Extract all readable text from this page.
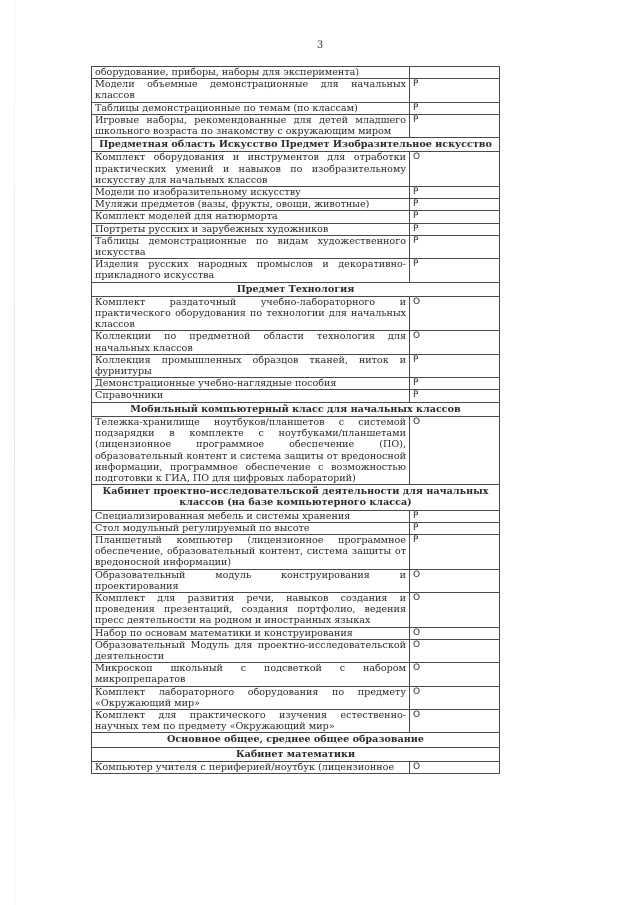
3
оборудование, приборы, наборы для эксперимента)	
Модели объемные демонстрационные для начальных классов	Р
Таблицы демонстрационные по темам (по классам)	Р
Игровые наборы, рекомендованные для детей младшего школьного возраста по знакомству с окружающим миром	Р
Предметная область Искусство Предмет Изобразительное искусство	
Комплект оборудования и инструментов для отработки практических умений и навыков по изобразительному искусству для начальных классов	О
Модели по изобразительному искусству	Р
Муляжи предметов (вазы, фрукты, овощи, животные)	Р
Комплект моделей для натюрморта	Р
Портреты русских и зарубежных художников	Р
Таблицы демонстрационные по видам художественного искусства	Р
Изделия русских народных промыслов и декоративно-прикладного искусства	Р
Предмет Технология	
Комплект раздаточный учебно-лабораторного и практического оборудования по технологии для начальных классов	О
Коллекции по предметной области технология для начальных классов	О
Коллекция промышленных образцов тканей, ниток и фурнитуры	Р
Демонстрационные учебно-наглядные пособия	Р
Справочники	Р
Мобильный компьютерный класс для начальных классов	
Тележка-хранилище ноутбуков/планшетов с системой подзарядки в комплекте с ноутбуками/планшетами (лицензионное программное обеспечение (ПО), образовательный контент и система защиты от вредоносной информации, программное обеспечение с возможностью подготовки к ГИА, ПО для цифровых лабораторий)	О
Кабинет проектно-исследовательской деятельности для начальных классов (на базе компьютерного класса)	
Специализированная мебель и системы хранения	Р
Стол модульный регулируемый по высоте	Р
Планшетный компьютер (лицензионное программное обеспечение, образовательный контент, система защиты от вредоносной информации)	Р
Образовательный модуль конструирования и проектирования	О
Комплект для развития речи, навыков создания и проведения презентаций, создания портфолио, ведения пресс деятельности на родном и иностранных языках	О
Набор по основам математики и конструирования	О
Образовательный Модуль для проектно-исследовательской деятельности	О
Микроскоп школьный с подсветкой с набором микропрепаратов	О
Комплект лабораторного оборудования по предмету «Окружающий мир»	О
Комплект для практического изучения естественно-научных тем по предмету «Окружающий мир»	О
Основное общее, среднее общее образование	
Кабинет математики	
Компьютер учителя с периферией/ноутбук (лицензионное	О
